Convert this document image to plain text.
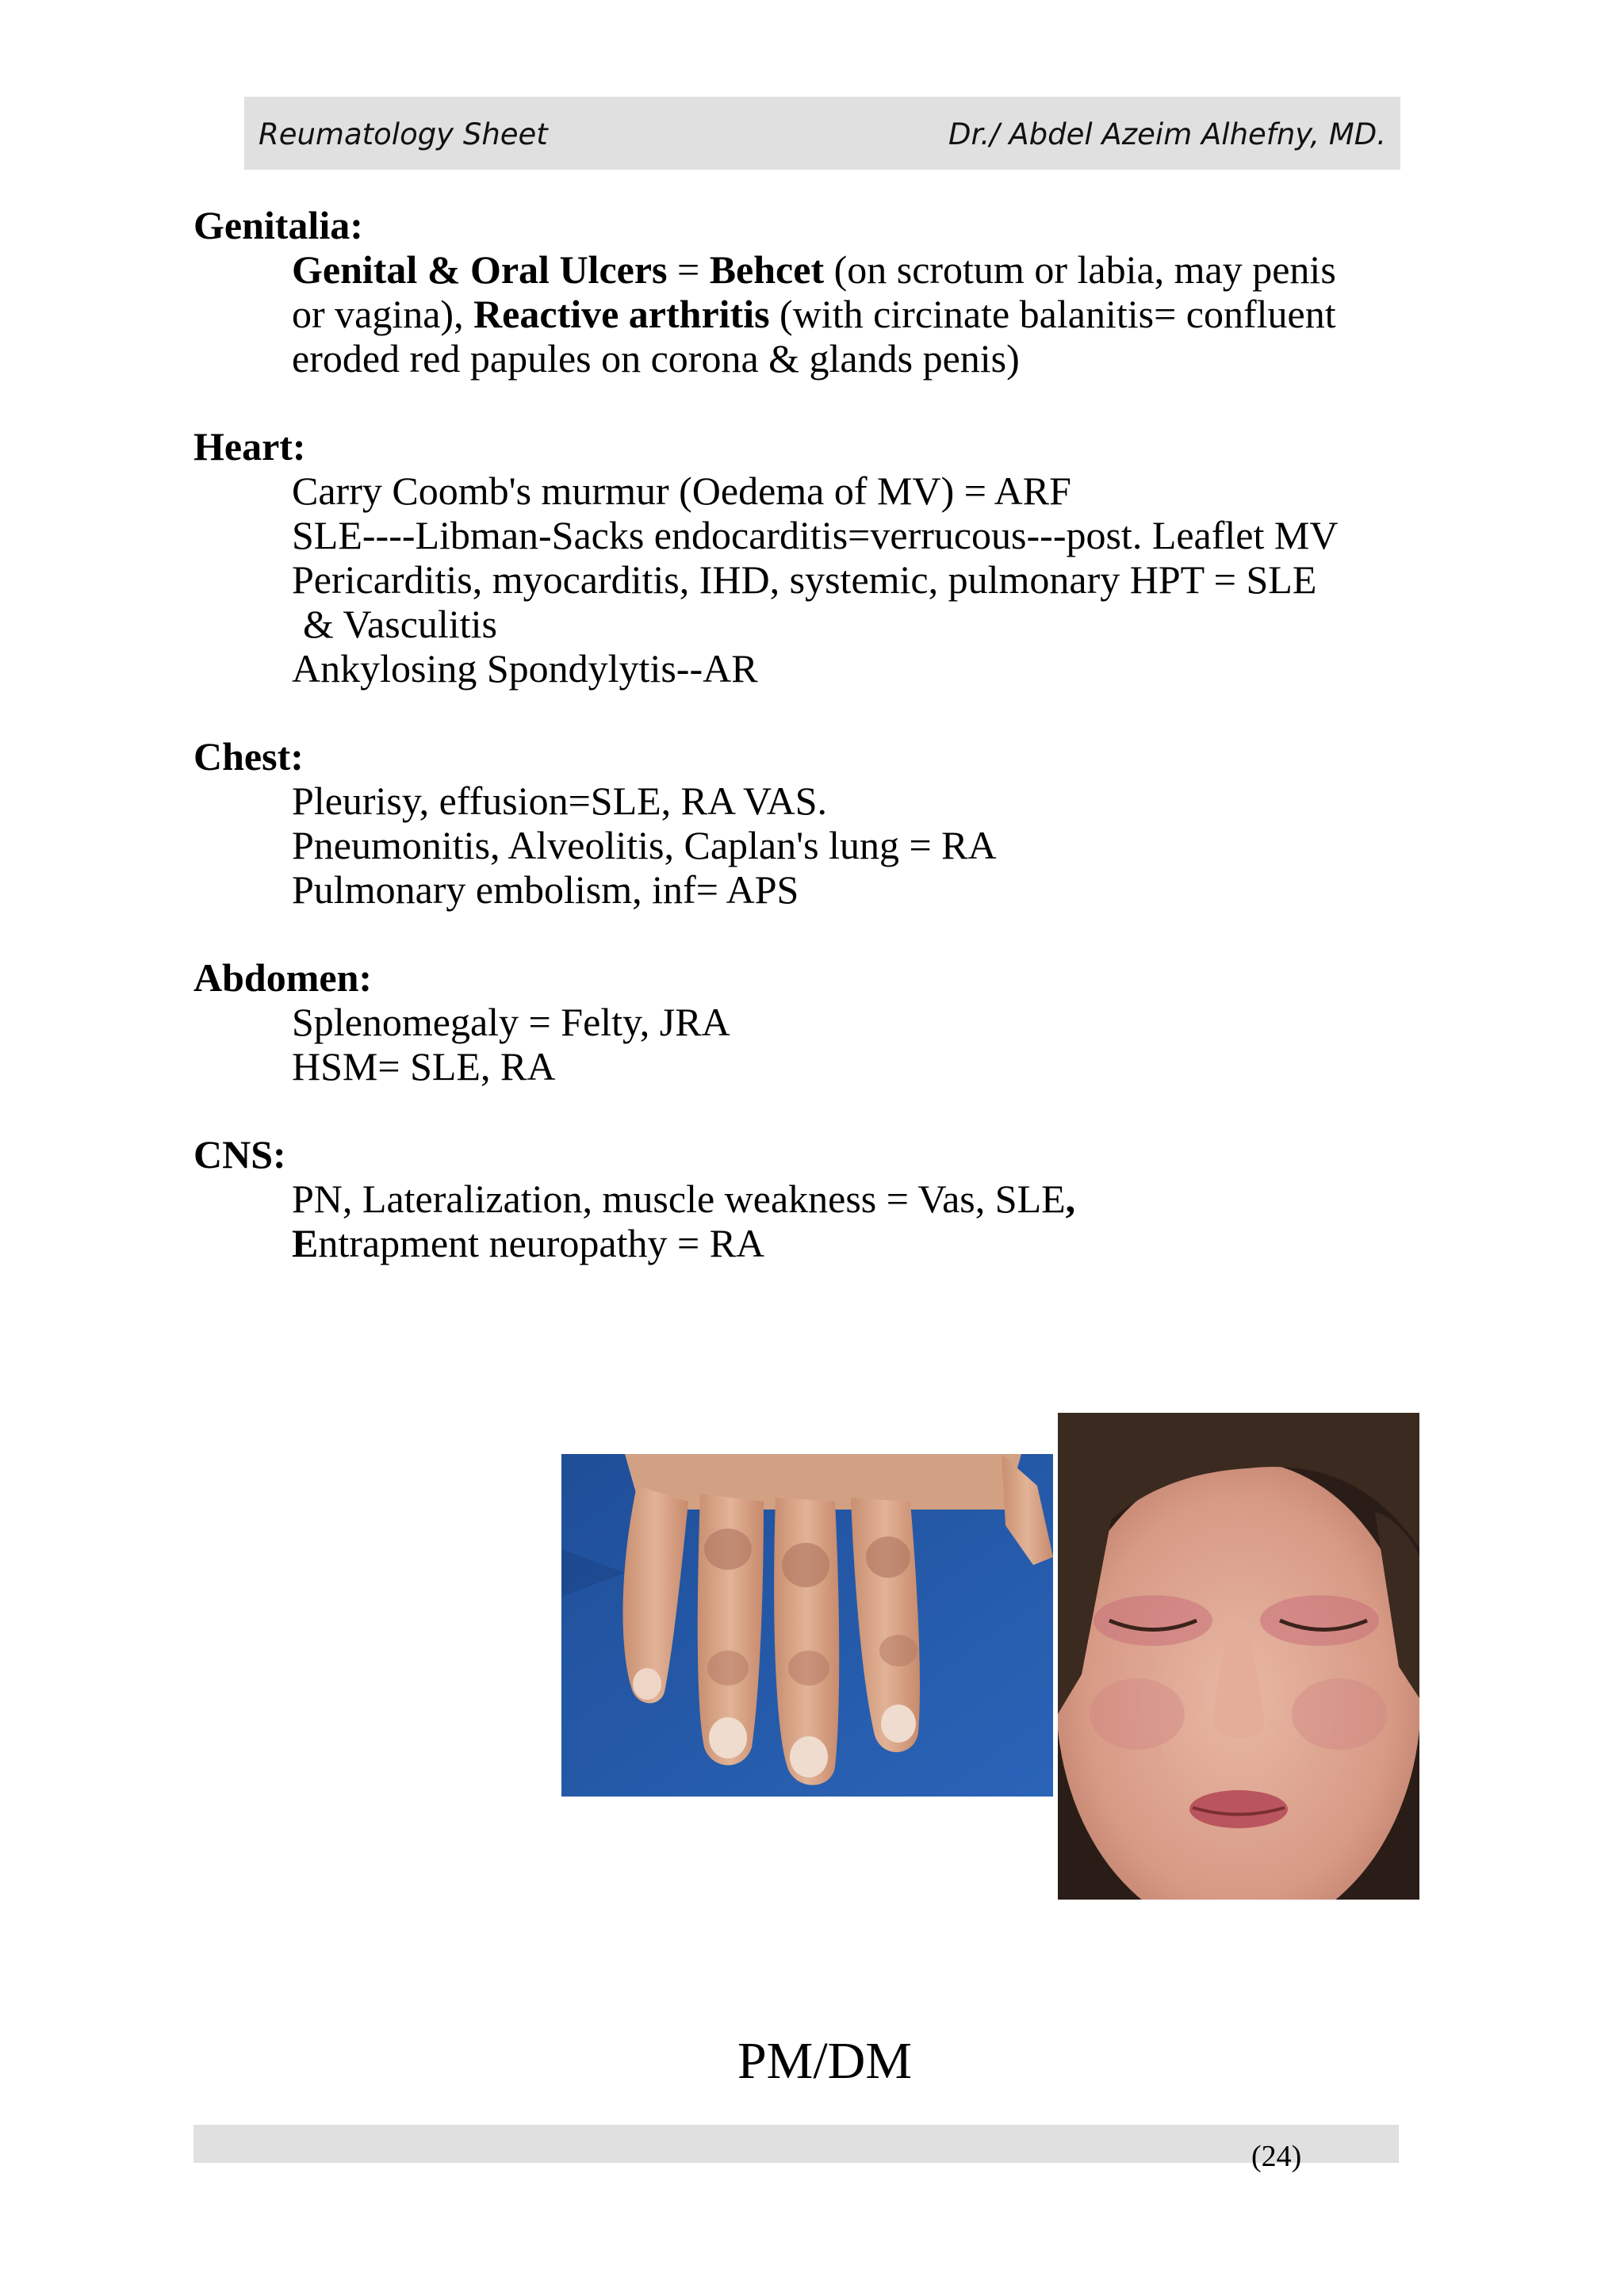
Reumatology Sheet	Dr./ Abdel Azeim Alhefny, MD.

Genitalia:

Genital & Oral Ulcers = Behcet (on scrotum or labia, may penis
or vagina), Reactive arthritis (with circinate balanitis= confluent
eroded red papules on corona & glands penis)

Heart:

Carry Coomb's murmur (Oedema of MV) = ARF
SLE----Libman-Sacks endocarditis=verrucous---post. Leaflet MV
Pericarditis, myocarditis, IHD, systemic, pulmonary HPT = SLE
& Vasculitis
Ankylosing Spondylytis--AR

Chest:

Pleurisy, effusion=SLE, RA VAS.
Pneumonitis, Alveolitis, Caplan's lung = RA
Pulmonary embolism, inf= APS

Abdomen:

Splenomegaly = Felty, JRA
HSM= SLE, RA

CNS:

PN, Lateralization, muscle weakness = Vas, SLE,
Entrapment neuropathy = RA
PM/DM
(24)
